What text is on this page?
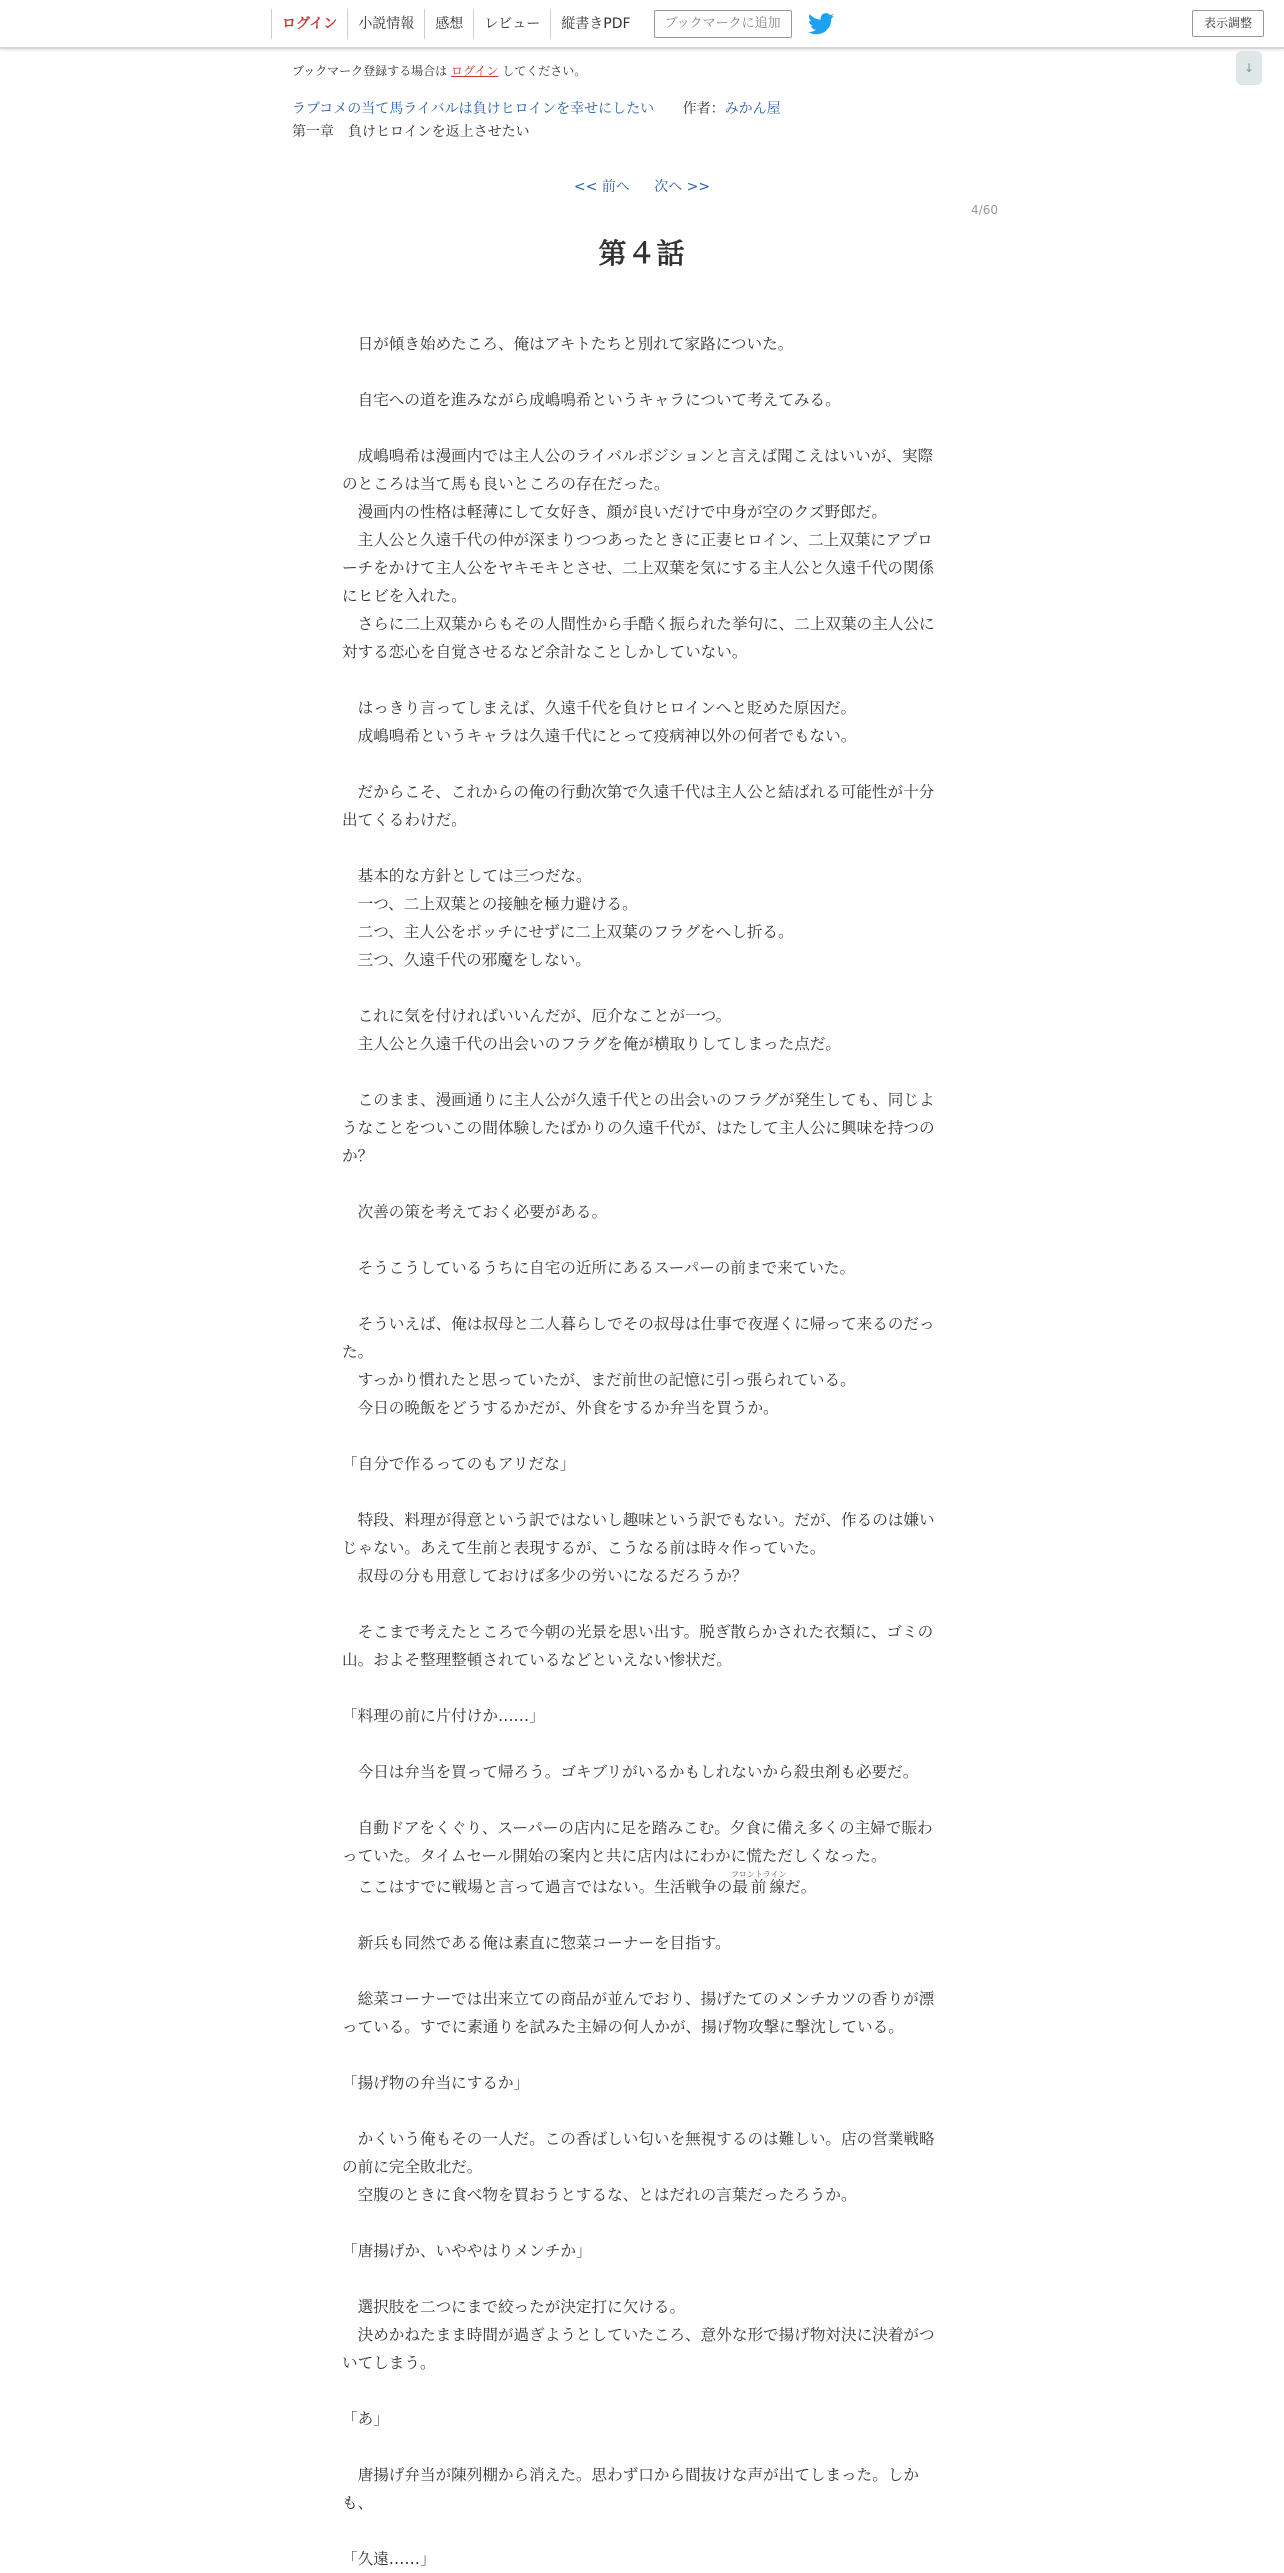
ログイン	小説情報	感想	レビュー	縦書きPDF	ブックマークに追加	表示調整
↓
ブックマーク登録する場合は ログイン してください。
ラブコメの当て馬ライバルは負けヒロインを幸せにしたい 作者：みかん屋
第一章　負けヒロインを返上させたい
<< 前へ 次へ >>
4/60
第４話

　日が傾き始めたころ、俺はアキトたちと別れて家路についた。

　自宅への道を進みながら成嶋鳴希というキャラについて考えてみる。

　成嶋鳴希は漫画内では主人公のライバルポジションと言えば聞こえはいいが、実際のところは当て馬も良いところの存在だった。

　漫画内の性格は軽薄にして女好き、顔が良いだけで中身が空のクズ野郎だ。

　主人公と久遠千代の仲が深まりつつあったときに正妻ヒロイン、二上双葉にアプローチをかけて主人公をヤキモキとさせ、二上双葉を気にする主人公と久遠千代の関係にヒビを入れた。

　さらに二上双葉からもその人間性から手酷く振られた挙句に、二上双葉の主人公に対する恋心を自覚させるなど余計なことしかしていない。

　はっきり言ってしまえば、久遠千代を負けヒロインへと貶めた原因だ。

　成嶋鳴希というキャラは久遠千代にとって疫病神以外の何者でもない。

　だからこそ、これからの俺の行動次第で久遠千代は主人公と結ばれる可能性が十分出てくるわけだ。

　基本的な方針としては三つだな。

　一つ、二上双葉との接触を極力避ける。

　二つ、主人公をボッチにせずに二上双葉のフラグをへし折る。

　三つ、久遠千代の邪魔をしない。

　これに気を付ければいいんだが、厄介なことが一つ。

　主人公と久遠千代の出会いのフラグを俺が横取りしてしまった点だ。

　このまま、漫画通りに主人公が久遠千代との出会いのフラグが発生しても、同じようなことをついこの間体験したばかりの久遠千代が、はたして主人公に興味を持つのか？

　次善の策を考えておく必要がある。

　そうこうしているうちに自宅の近所にあるスーパーの前まで来ていた。

　そういえば、俺は叔母と二人暮らしでその叔母は仕事で夜遅くに帰って来るのだった。

　すっかり慣れたと思っていたが、まだ前世の記憶に引っ張られている。

　今日の晩飯をどうするかだが、外食をするか弁当を買うか。

「自分で作るってのもアリだな」

　特段、料理が得意という訳ではないし趣味という訳でもない。だが、作るのは嫌いじゃない。あえて生前と表現するが、こうなる前は時々作っていた。

　叔母の分も用意しておけば多少の労いになるだろうか？

　そこまで考えたところで今朝の光景を思い出す。脱ぎ散らかされた衣類に、ゴミの山。およそ整理整頓されているなどといえない惨状だ。

「料理の前に片付けか……」

　今日は弁当を買って帰ろう。ゴキブリがいるかもしれないから殺虫剤も必要だ。

　自動ドアをくぐり、スーパーの店内に足を踏みこむ。夕食に備え多くの主婦で賑わっていた。タイムセール開始の案内と共に店内はにわかに慌ただしくなった。

　ここはすでに戦場と言って過言ではない。生活戦争の最前線フロントラインだ。

　新兵も同然である俺は素直に惣菜コーナーを目指す。

　総菜コーナーでは出来立ての商品が並んでおり、揚げたてのメンチカツの香りが漂っている。すでに素通りを試みた主婦の何人かが、揚げ物攻撃に撃沈している。

「揚げ物の弁当にするか」

　かくいう俺もその一人だ。この香ばしい匂いを無視するのは難しい。店の営業戦略の前に完全敗北だ。

　空腹のときに食べ物を買おうとするな、とはだれの言葉だったろうか。

「唐揚げか、いややはりメンチか」

　選択肢を二つにまで絞ったが決定打に欠ける。

　決めかねたまま時間が過ぎようとしていたころ、意外な形で揚げ物対決に決着がついてしまう。

「あ」

　唐揚げ弁当が陳列棚から消えた。思わず口から間抜けな声が出てしまった。しかも、

「久遠……」
